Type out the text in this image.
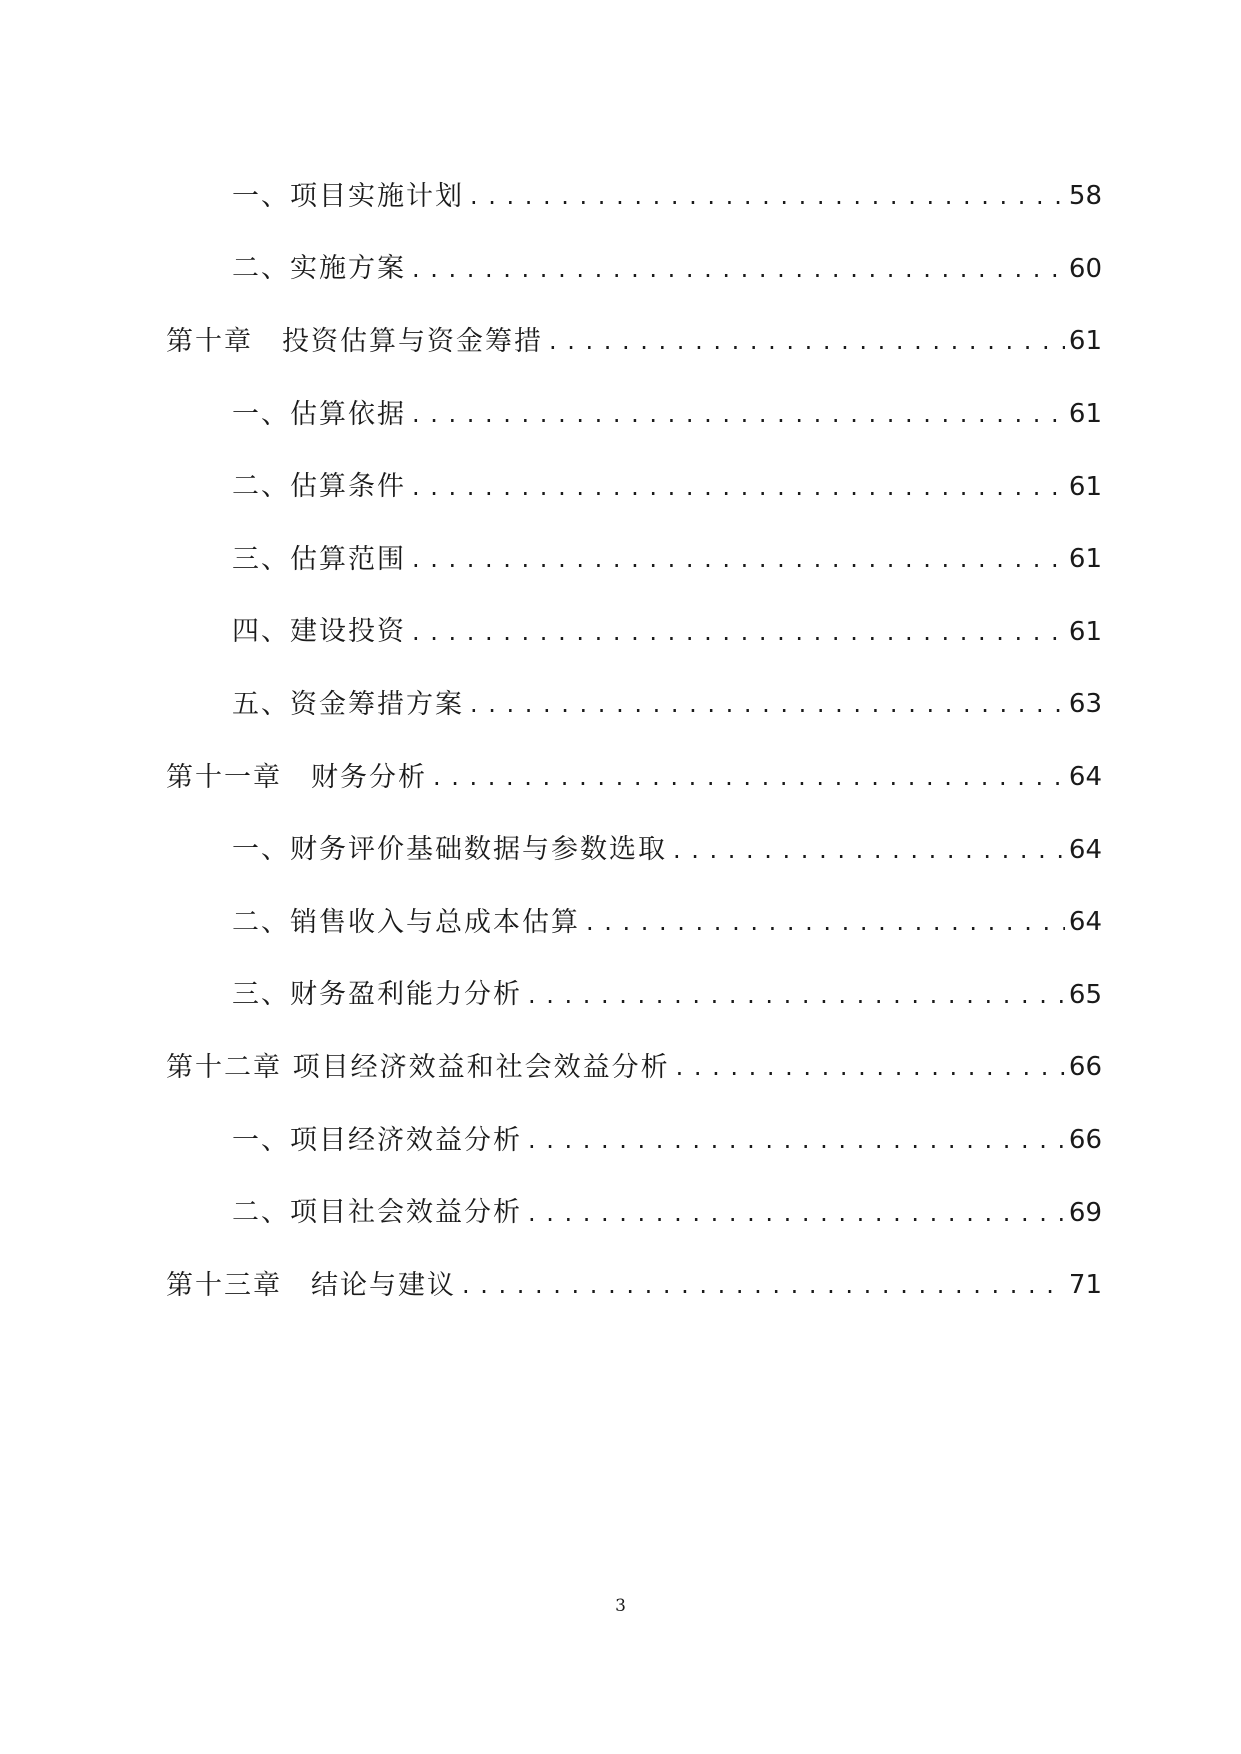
一、项目实施计划 . . .	58
二、实施方案 . . .	60
第十章　投资估算与资金筹措 . . .	61
一、估算依据 . . .	61
二、估算条件 . . .	61
三、估算范围 . . .	61
四、建设投资 . . .	61
五、资金筹措方案 . . .	63
第十一章　财务分析 . . .	64
一、财务评价基础数据与参数选取 . . .	64
二、销售收入与总成本估算 . . .	64
三、财务盈利能力分析 . . .	65
第十二章 项目经济效益和社会效益分析 . . .	66
一、项目经济效益分析 . . .	66
二、项目社会效益分析 . . .	69
第十三章　结论与建议 . . .	71
3
